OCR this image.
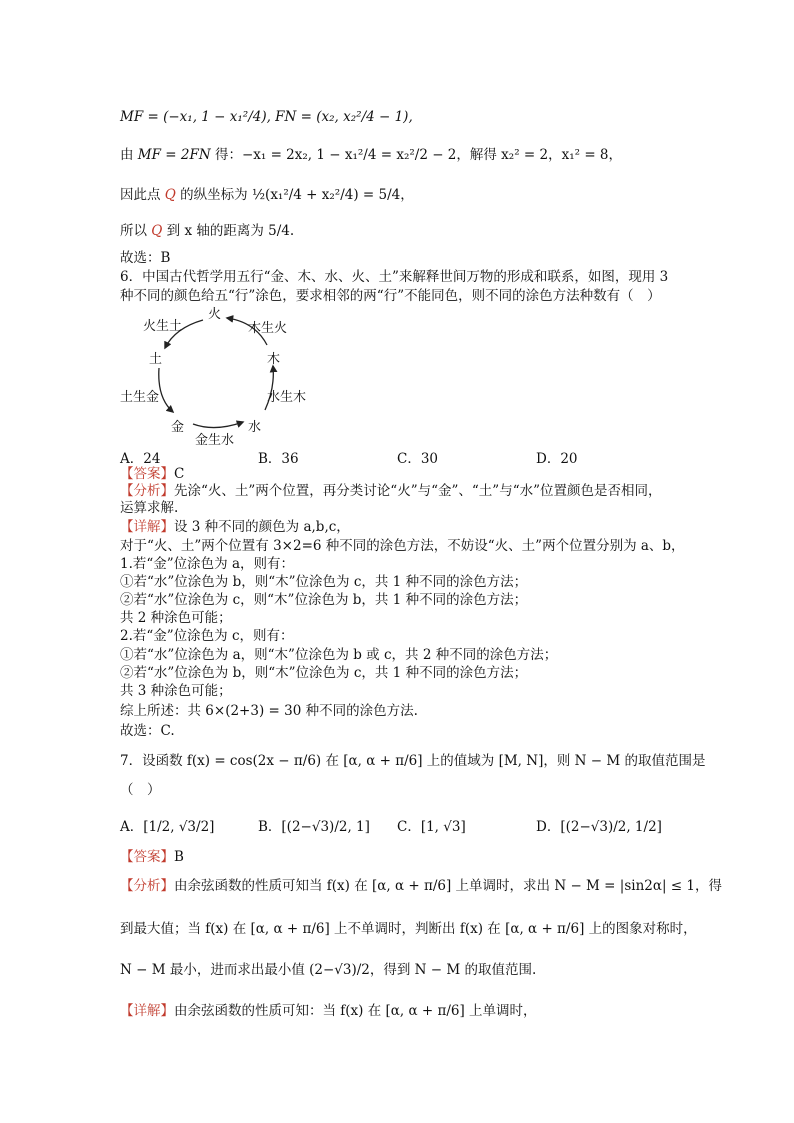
MF = (−x₁, 1 − x₁²/4), FN = (x₂, x₂²/4 − 1),
由 MF = 2FN 得：−x₁ = 2x₂, 1 − x₁²/4 = x₂²/2 − 2，解得 x₂² = 2，x₁² = 8，
因此点 Q 的纵坐标为 ½(x₁²/4 + x₂²/4) = 5/4，
所以 Q 到 x 轴的距离为 5/4.
故选：B
6．中国古代哲学用五行“金、木、水、火、土”来解释世间万物的形成和联系，如图，现用 3
种不同的颜色给五“行”涂色，要求相邻的两“行”不能同色，则不同的涂色方法种数有（　）
火
木
水
金
土
火生土	木生火
水生木
金生水
土生金
A．24	B．36	C．30	D．20
【答案】C
【分析】先涂“火、土”两个位置，再分类讨论“火”与“金”、“土”与“水”位置颜色是否相同，
运算求解.
【详解】设 3 种不同的颜色为 a,b,c，
对于“火、土”两个位置有 3×2=6 种不同的涂色方法，不妨设“火、土”两个位置分别为 a、b，
1.若“金”位涂色为 a，则有：
①若“水”位涂色为 b，则“木”位涂色为 c，共 1 种不同的涂色方法；
②若“水”位涂色为 c，则“木”位涂色为 b，共 1 种不同的涂色方法；
共 2 种涂色可能；
2.若“金”位涂色为 c，则有：
①若“水”位涂色为 a，则“木”位涂色为 b 或 c，共 2 种不同的涂色方法；
②若“水”位涂色为 b，则“木”位涂色为 c，共 1 种不同的涂色方法；
共 3 种涂色可能；
综上所述：共 6×(2+3) = 30 种不同的涂色方法.
故选：C.
7．设函数 f(x) = cos(2x − π/6) 在 [α, α + π/6] 上的值域为 [M, N]，则 N − M 的取值范围是
（　）
A．[1/2, √3/2]	B．[(2−√3)/2, 1] C．[1, √3]	D．[(2−√3)/2, 1/2]
【答案】B
【分析】由余弦函数的性质可知当 f(x) 在 [α, α + π/6] 上单调时，求出 N − M = |sin2α| ≤ 1，得
到最大值；当 f(x) 在 [α, α + π/6] 上不单调时，判断出 f(x) 在 [α, α + π/6] 上的图象对称时，
N − M 最小，进而求出最小值 (2−√3)/2，得到 N − M 的取值范围.
【详解】由余弦函数的性质可知：当 f(x) 在 [α, α + π/6] 上单调时，
